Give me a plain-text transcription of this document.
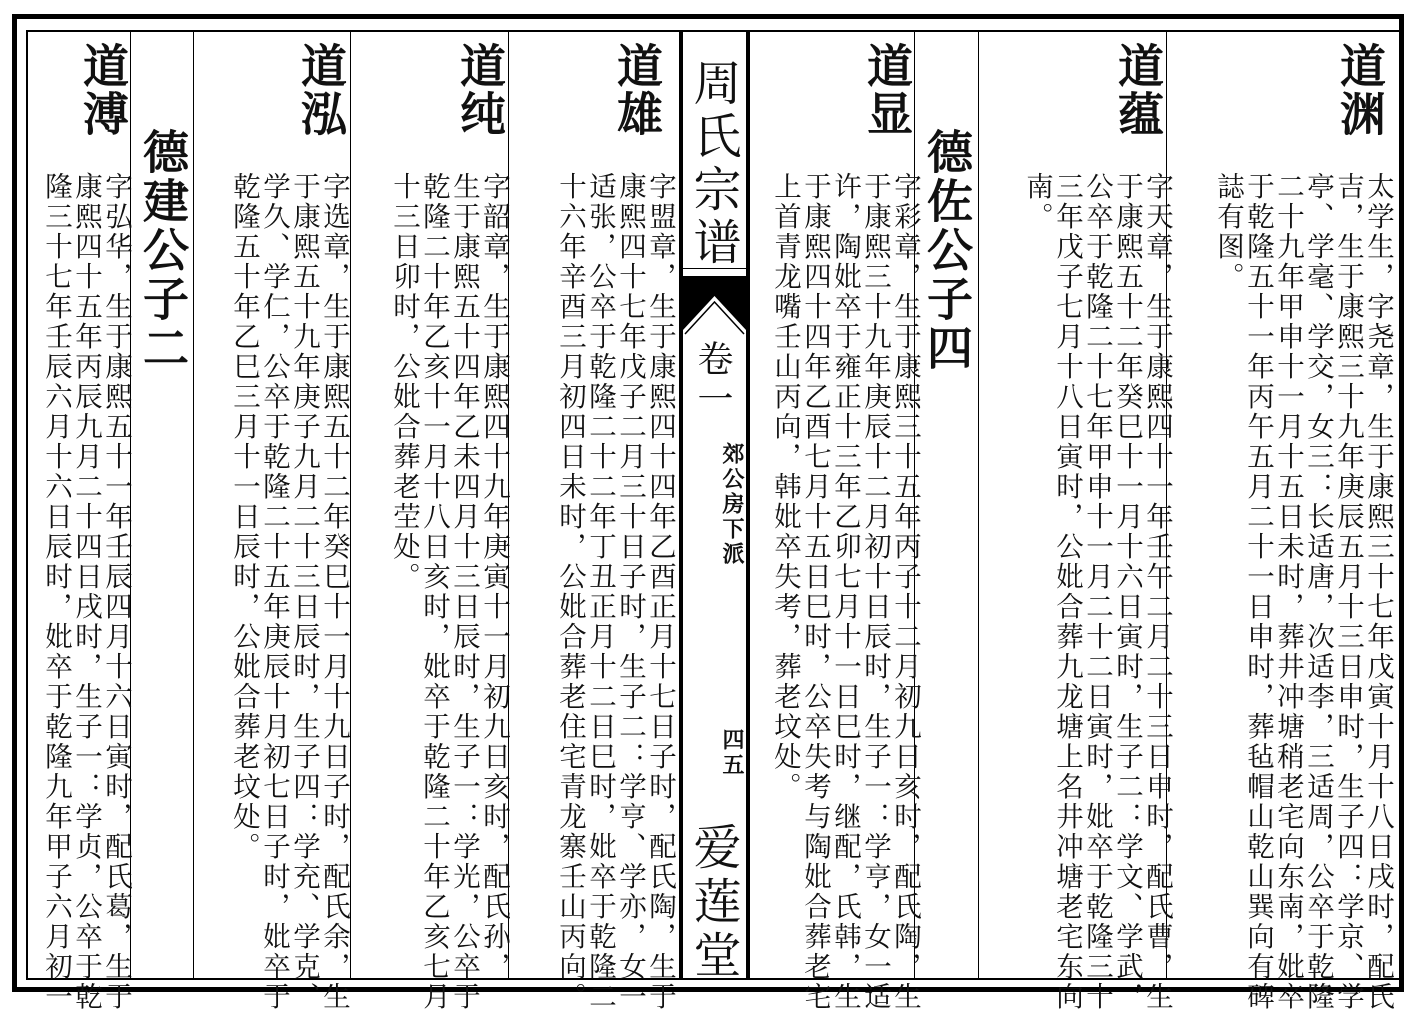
道渊
太学生，字尧章，生于康熙三十七年戊寅十月十八日戌时，配氏
吉，生于康熙三十九年庚辰五月十三日申时，生子四：学京、学
亭、学毫、学交，女三：长适唐，次适李，三适周，公卒于乾隆
二十九年甲申十一月十五日未时，葬井冲塘稍老宅向东南，妣卒
于乾隆五十一年丙午五月二十一日申时，葬毡帽山乾山巽向有碑
誌有图。
道蕴
字天章，生于康熙四十一年壬午二月二十三日申时，配氏曹，生
于康熙五十二年癸巳十一月十六日寅时，生子二：学文、学武，
公卒于乾隆二十七年甲申十一月二十二日寅时，妣卒于乾隆三十
三年戊子七月十八日寅时，公妣合葬九龙塘上名井冲塘老宅东向
南。
德佐公子四
道显
字彩章，生于康熙三十五年丙子十二月初九日亥时，配氏陶，生
于康熙三十九年庚辰十二月初十日辰时，生子一：学亨，女一适
许，陶妣卒于雍正十三年乙卯七月十一日巳时，继配，氏韩，生
于康熙四十四年乙酉七月十五日巳时，公卒失考与陶妣合葬老宅
上首青龙嘴壬山丙向，韩妣卒失考，葬老坟处。
周氏宗谱
卷一
郊公房下派
四五
爱莲堂
道雄
字盟章，生于康熙四十四年乙酉正月十七日子时，配氏陶，生于
康熙四十七年戊子二月三十日子时，生子二：学亨、学亦，女一
适张，公卒于乾隆二十二年丁丑正月十二日巳时，妣卒于乾隆二
十六年辛酉三月初四日未时，公妣合葬老住宅青龙寨壬山丙向。
道纯
字韶章，生于康熙四十九年庚寅十一月初九日亥时，配氏孙，
生于康熙五十四年乙未四月十三日辰时，生子一：学光，公卒于
乾隆二十年乙亥十一月十八日亥时，妣卒于乾隆二十年乙亥七月
十三日卯时，公妣合葬老茔处。
道泓
字选章，生于康熙五十二年癸巳十一月十九日子时，配氏余，生
于康熙五十九年庚子九月二十三日辰时，生子四：学充、学克、
学久、学仁，公卒于乾隆二十五年庚辰十月初七日子时，妣卒于
乾隆五十年乙巳三月十一日辰时，公妣合葬老坟处。
德建公子二
道溥
字弘华，生于康熙五十一年壬辰四月十六日寅时，配氏葛，生于
康熙四十五年丙辰九月二十四日戌时，生子一：学贞，公卒于乾
隆三十七年壬辰六月十六日辰时，妣卒于乾隆九年甲子六月初一
